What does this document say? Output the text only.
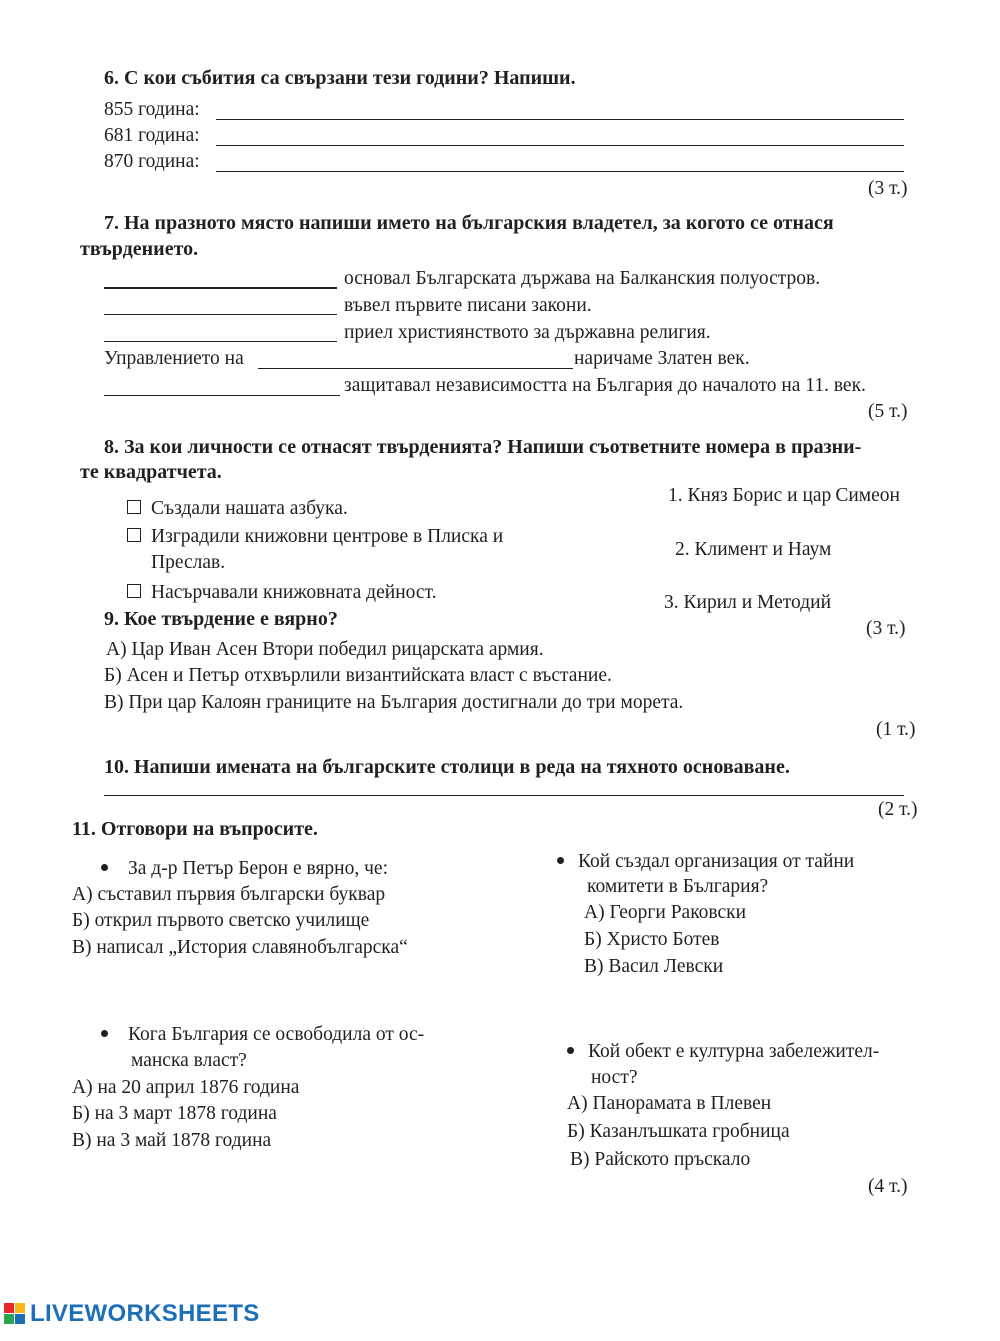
6. С кои събития са свързани тези години? Напиши.
855 година:
681 година:
870 година:
(3 т.)
7. На празното място напиши името на българския владетел, за когото се отнася
твърдението.
основал Българската държава на Балканския полуостров.
въвел първите писани закони.
приел християнството за държавна религия.
Управлението на	наричаме Златен век.
защитавал независимостта на България до началото на 11. век.
(5 т.)
8. За кои личности се отнасят твърденията? Напиши съответните номера в празни-
те квадратчета.
Създали нашата азбука.
Изградили книжовни центрове в Плиска и
Преслав.
Насърчавали книжовната дейност.
1. Княз Борис и цар Симеон
2. Климент и Наум
3. Кирил и Методий
(3 т.)
9. Кое твърдение е вярно?
А) Цар Иван Асен Втори победил рицарската армия.
Б) Асен и Петър отхвърлили византийската власт с въстание.
В) При цар Калоян границите на България достигнали до три морета.
(1 т.)
10. Напиши имената на българските столици в реда на тяхното основаване.
(2 т.)
11. Отговори на въпросите.
За д-р Петър Берон е вярно, че:
А) съставил първия български буквар
Б) открил първото светско училище
В) написал „История славянобългарска“
Кой създал организация от тайни
комитети в България?
А) Георги Раковски
Б) Христо Ботев
В) Васил Левски
Кога България се освободила от ос-
манска власт?
А) на 20 април 1876 година
Б) на 3 март 1878 година
В) на 3 май 1878 година
Кой обект е културна забележител-
ност?
А) Панорамата в Плевен
Б) Казанлъшката гробница
В) Райското пръскало
(4 т.)
LIVEWORKSHEETS
